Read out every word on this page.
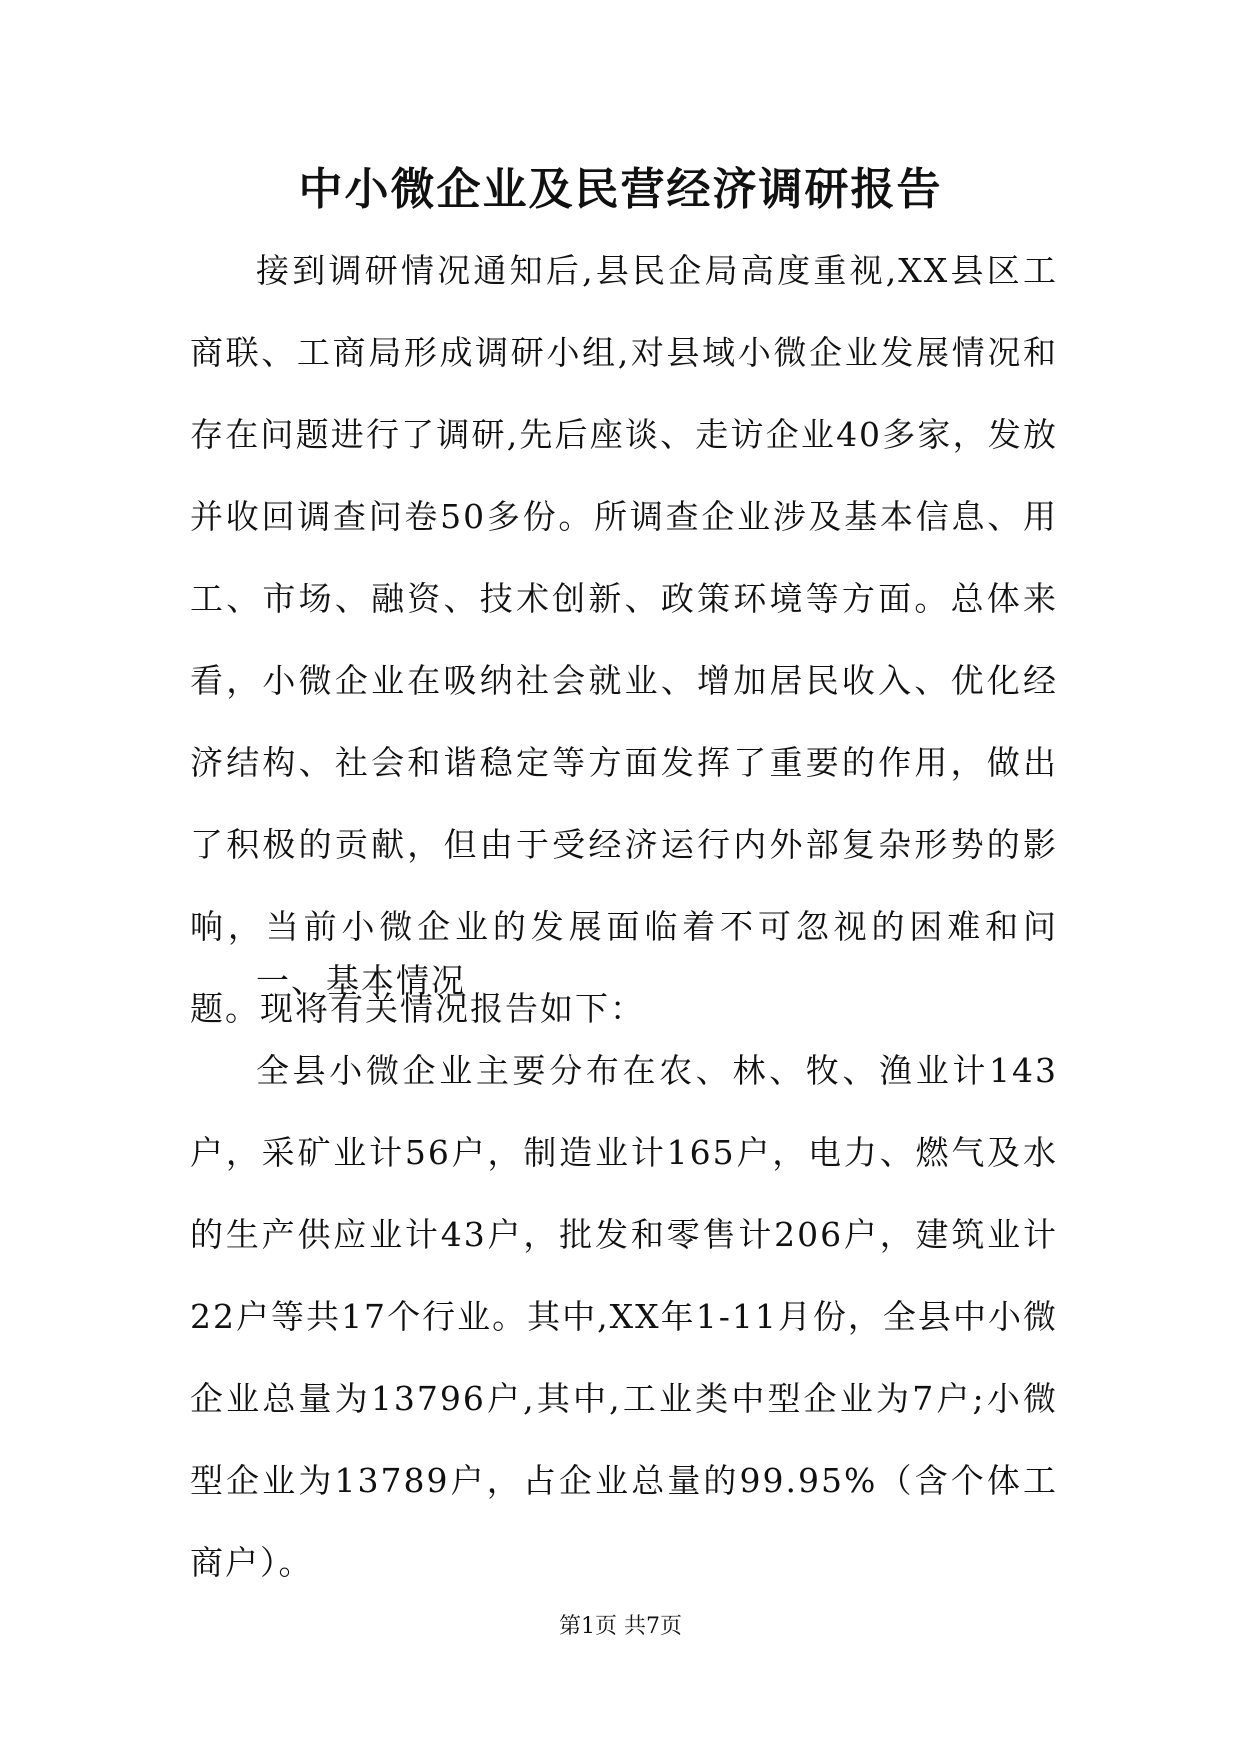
中小微企业及民营经济调研报告

接到调研情况通知后,县民企局高度重视,XX县区工商联、工商局形成调研小组,对县域小微企业发展情况和存在问题进行了调研,先后座谈、走访企业40多家，发放并收回调查问卷50多份。所调查企业涉及基本信息、用工、市场、融资、技术创新、政策环境等方面。总体来看，小微企业在吸纳社会就业、增加居民收入、优化经济结构、社会和谐稳定等方面发挥了重要的作用，做出了积极的贡献，但由于受经济运行内外部复杂形势的影响，当前小微企业的发展面临着不可忽视的困难和问题。现将有关情况报告如下：

一、基本情况

全县小微企业主要分布在农、林、牧、渔业计143户，采矿业计56户，制造业计165户，电力、燃气及水的生产供应业计43户，批发和零售计206户，建筑业计22户等共17个行业。其中,XX年1-11月份，全县中小微企业总量为13796户,其中,工业类中型企业为7户;小微型企业为13789户，占企业总量的99.95%（含个体工商户）。

第1页 共7页
